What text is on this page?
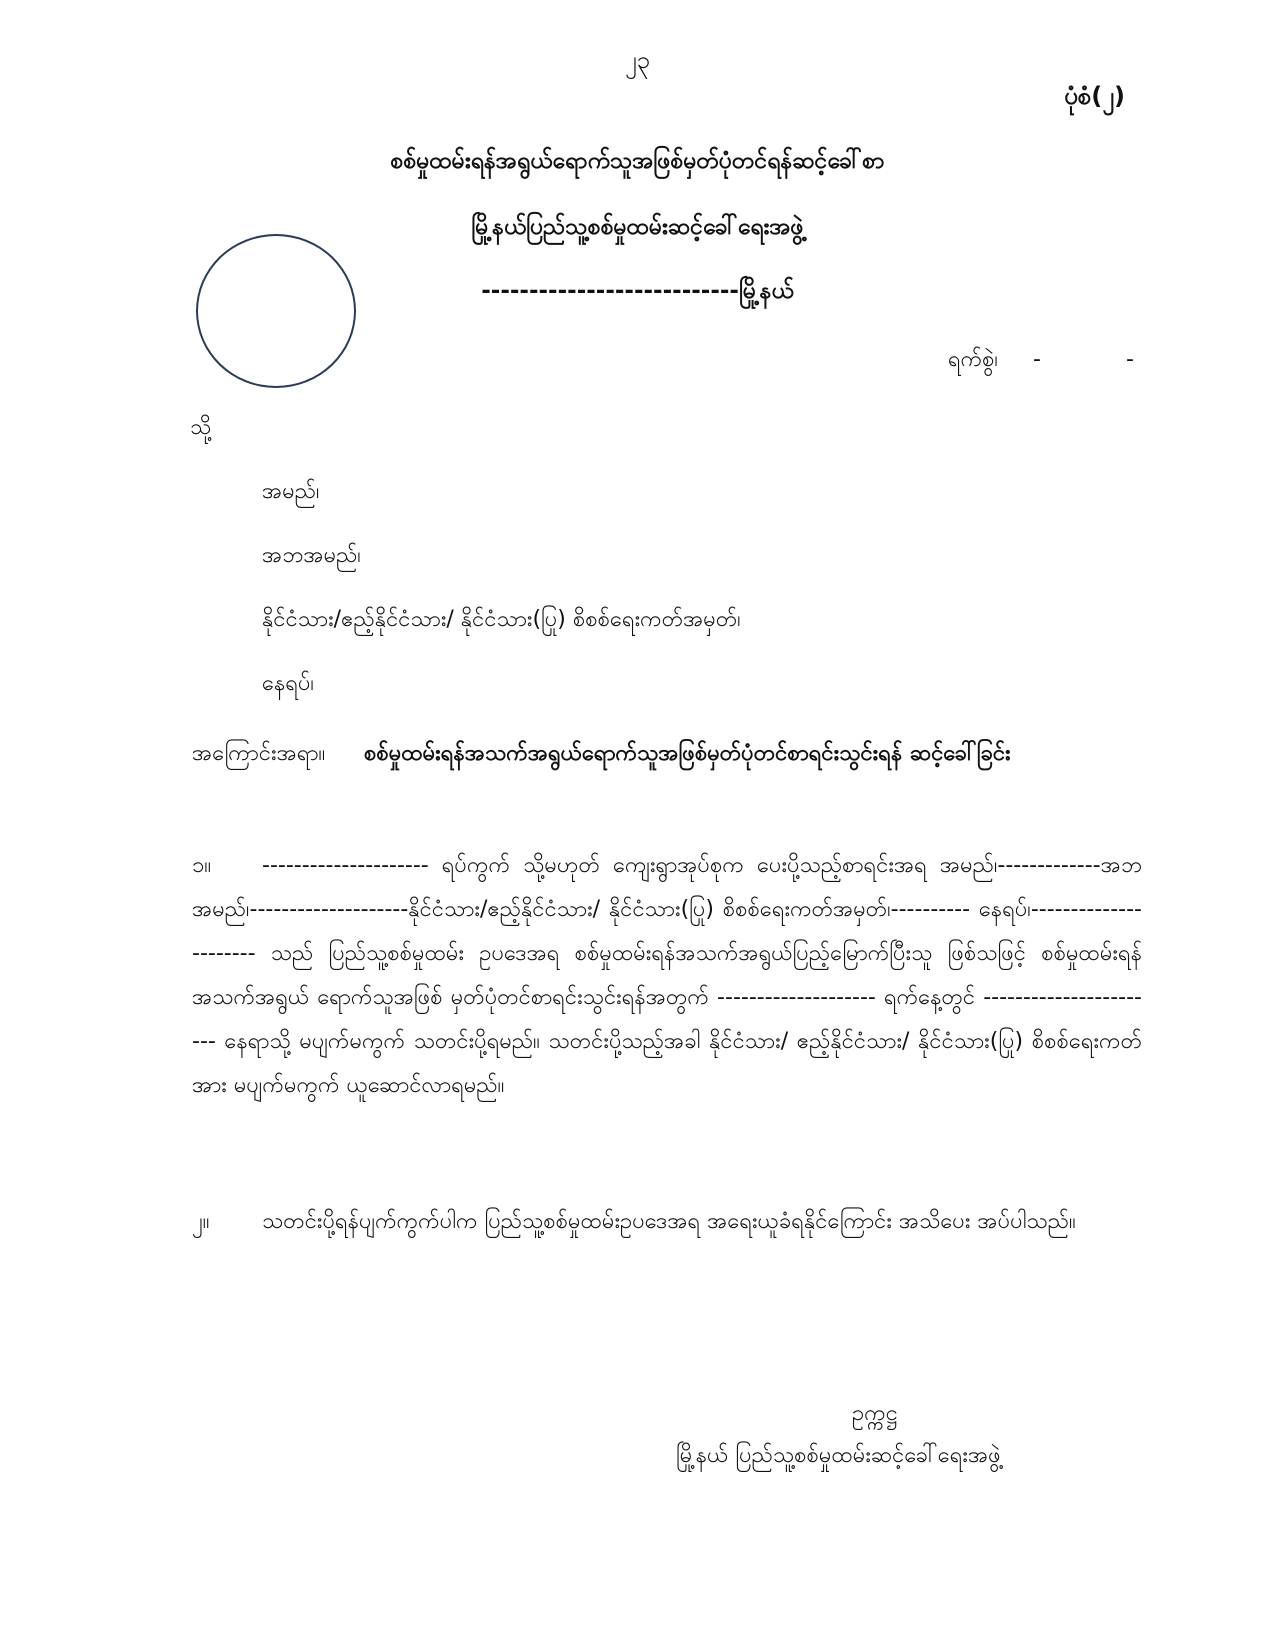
၂၃
ပုံစံ(၂)
စစ်မှုထမ်းရန်အရွယ်ရောက်သူအဖြစ်မှတ်ပုံတင်ရန်ဆင့်ခေါ်စာ
မြို့နယ်ပြည်သူ့စစ်မှုထမ်းဆင့်ခေါ်ရေးအဖွဲ့
---------------------------မြို့နယ်
ရက်စွဲ၊ -	-
သို့
အမည်၊
အဘအမည်၊
နိုင်ငံသား/ဧည့်နိုင်ငံသား/ နိုင်ငံသား(ပြု) စိစစ်ရေးကတ်အမှတ်၊
နေရပ်၊
အကြောင်းအရာ။ စစ်မှုထမ်းရန်အသက်အရွယ်ရောက်သူအဖြစ်မှတ်ပုံတင်စာရင်းသွင်းရန် ဆင့်ခေါ်ခြင်း
၁။ --------------------- ရပ်ကွက် သို့မဟုတ် ကျေးရွာအုပ်စုက ပေးပို့သည့်စာရင်းအရ အမည်၊-------------အဘအမည်၊--------------------နိုင်ငံသား/ဧည့်နိုင်ငံသား/ နိုင်ငံသား(ပြု) စိစစ်ရေးကတ်အမှတ်၊---------- နေရပ်၊---------------------- သည် ပြည်သူ့စစ်မှုထမ်း ဥပဒေအရ စစ်မှုထမ်းရန်အသက်အရွယ်ပြည့်မြောက်ပြီးသူ ဖြစ်သဖြင့် စစ်မှုထမ်းရန် အသက်အရွယ် ရောက်သူအဖြစ် မှတ်ပုံတင်စာရင်းသွင်းရန်အတွက် -------------------- ရက်နေ့တွင် ----------------------- နေရာသို့ မပျက်မကွက် သတင်းပို့ရမည်။ သတင်းပို့သည့်အခါ နိုင်ငံသား/ ဧည့်နိုင်ငံသား/ နိုင်ငံသား(ပြု) စိစစ်ရေးကတ်အား မပျက်မကွက် ယူဆောင်လာရမည်။
၂။ သတင်းပို့ရန်ပျက်ကွက်ပါက ပြည်သူ့စစ်မှုထမ်းဥပဒေအရ အရေးယူခံရနိုင်ကြောင်း အသိပေး အပ်ပါသည်။
ဥက္ကဋ္ဌ
မြို့နယ် ပြည်သူ့စစ်မှုထမ်းဆင့်ခေါ်ရေးအဖွဲ့
